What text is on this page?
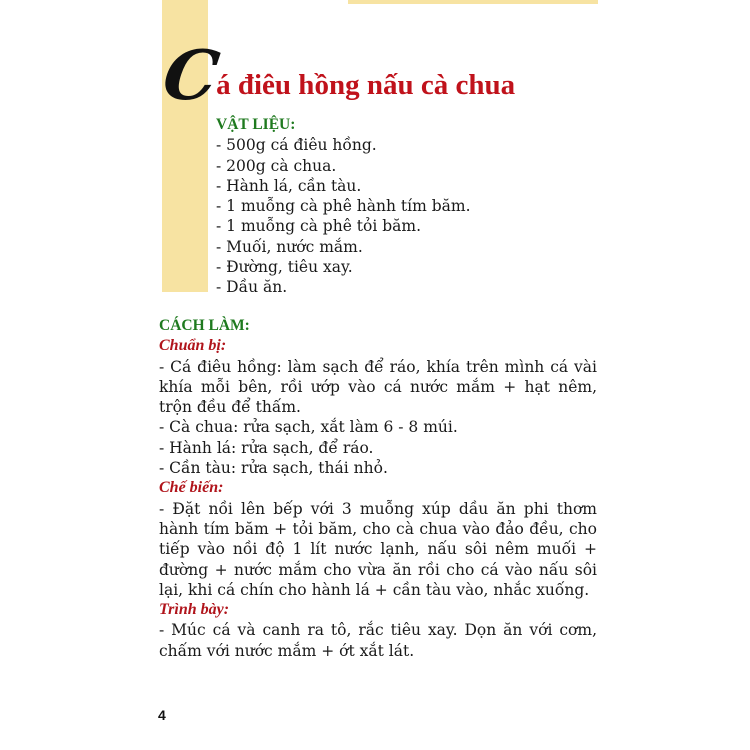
C
á điêu hồng nấu cà chua
VẬT LIỆU:
- 500g cá điêu hồng.
- 200g cà chua.
- Hành lá, cần tàu.
- 1 muỗng cà phê hành tím băm.
- 1 muỗng cà phê tỏi băm.
- Muối, nước mắm.
- Đường, tiêu xay.
- Dầu ăn.
CÁCH LÀM:
Chuẩn bị:
- Cá điêu hồng: làm sạch để ráo, khía trên mình cá vài khía mỗi bên, rồi ướp vào cá nước mắm + hạt nêm, trộn đều để thấm.
- Cà chua: rửa sạch, xắt làm 6 - 8 múi.
- Hành lá: rửa sạch, để ráo.
- Cần tàu: rửa sạch, thái nhỏ.
Chế biến:
- Đặt nồi lên bếp với 3 muỗng xúp dầu ăn phi thơm hành tím băm + tỏi băm, cho cà chua vào đảo đều, cho tiếp vào nồi độ 1 lít nước lạnh, nấu sôi nêm muối + đường + nước mắm cho vừa ăn rồi cho cá vào nấu sôi lại, khi cá chín cho hành lá + cần tàu vào, nhắc xuống.
Trình bày:
- Múc cá và canh ra tô, rắc tiêu xay. Dọn ăn với cơm, chấm với nước mắm + ớt xắt lát.
4
